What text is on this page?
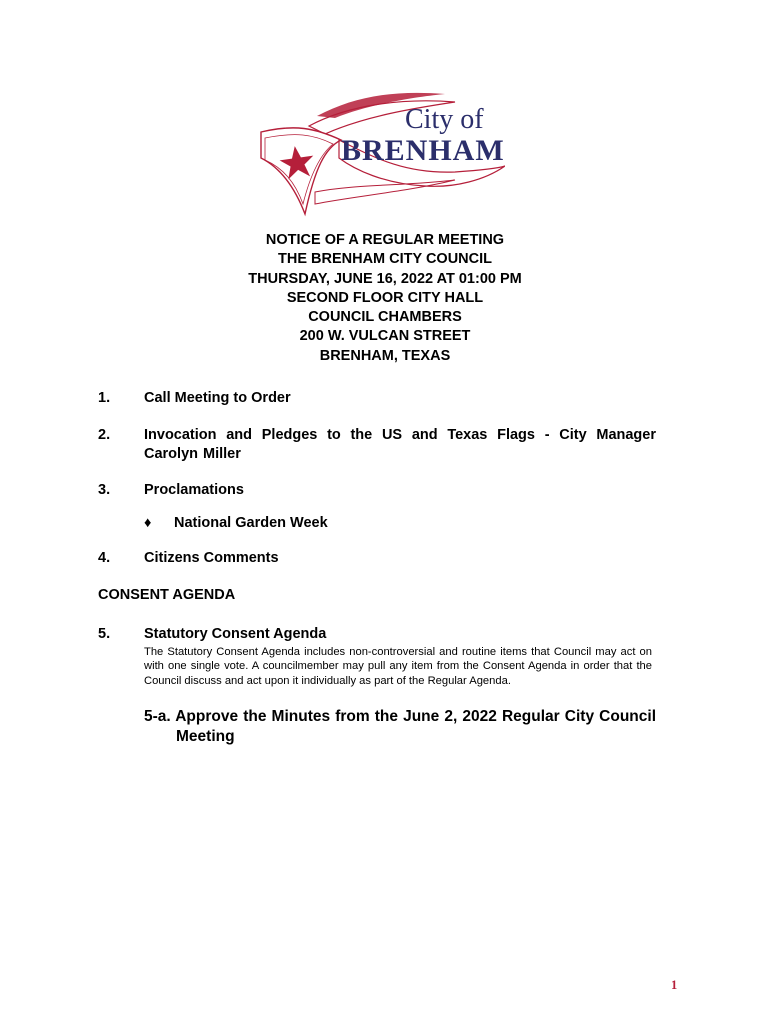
City of
BRENHAM
NOTICE OF A REGULAR MEETING
THE BRENHAM CITY COUNCIL
THURSDAY, JUNE 16, 2022 AT 01:00 PM
SECOND FLOOR CITY HALL
COUNCIL CHAMBERS
200 W. VULCAN STREET
BRENHAM, TEXAS
1. Call Meeting to Order
2. Invocation and Pledges to the US and Texas Flags - City Manager Carolyn Miller
3. Proclamations
♦ National Garden Week
4. Citizens Comments
CONSENT AGENDA
5. Statutory Consent Agenda
The Statutory Consent Agenda includes non-controversial and routine items that Council may act on with one single vote. A councilmember may pull any item from the Consent Agenda in order that the Council discuss and act upon it individually as part of the Regular Agenda.
5-a. Approve the Minutes from the June 2, 2022 Regular City Council
Meeting
1
